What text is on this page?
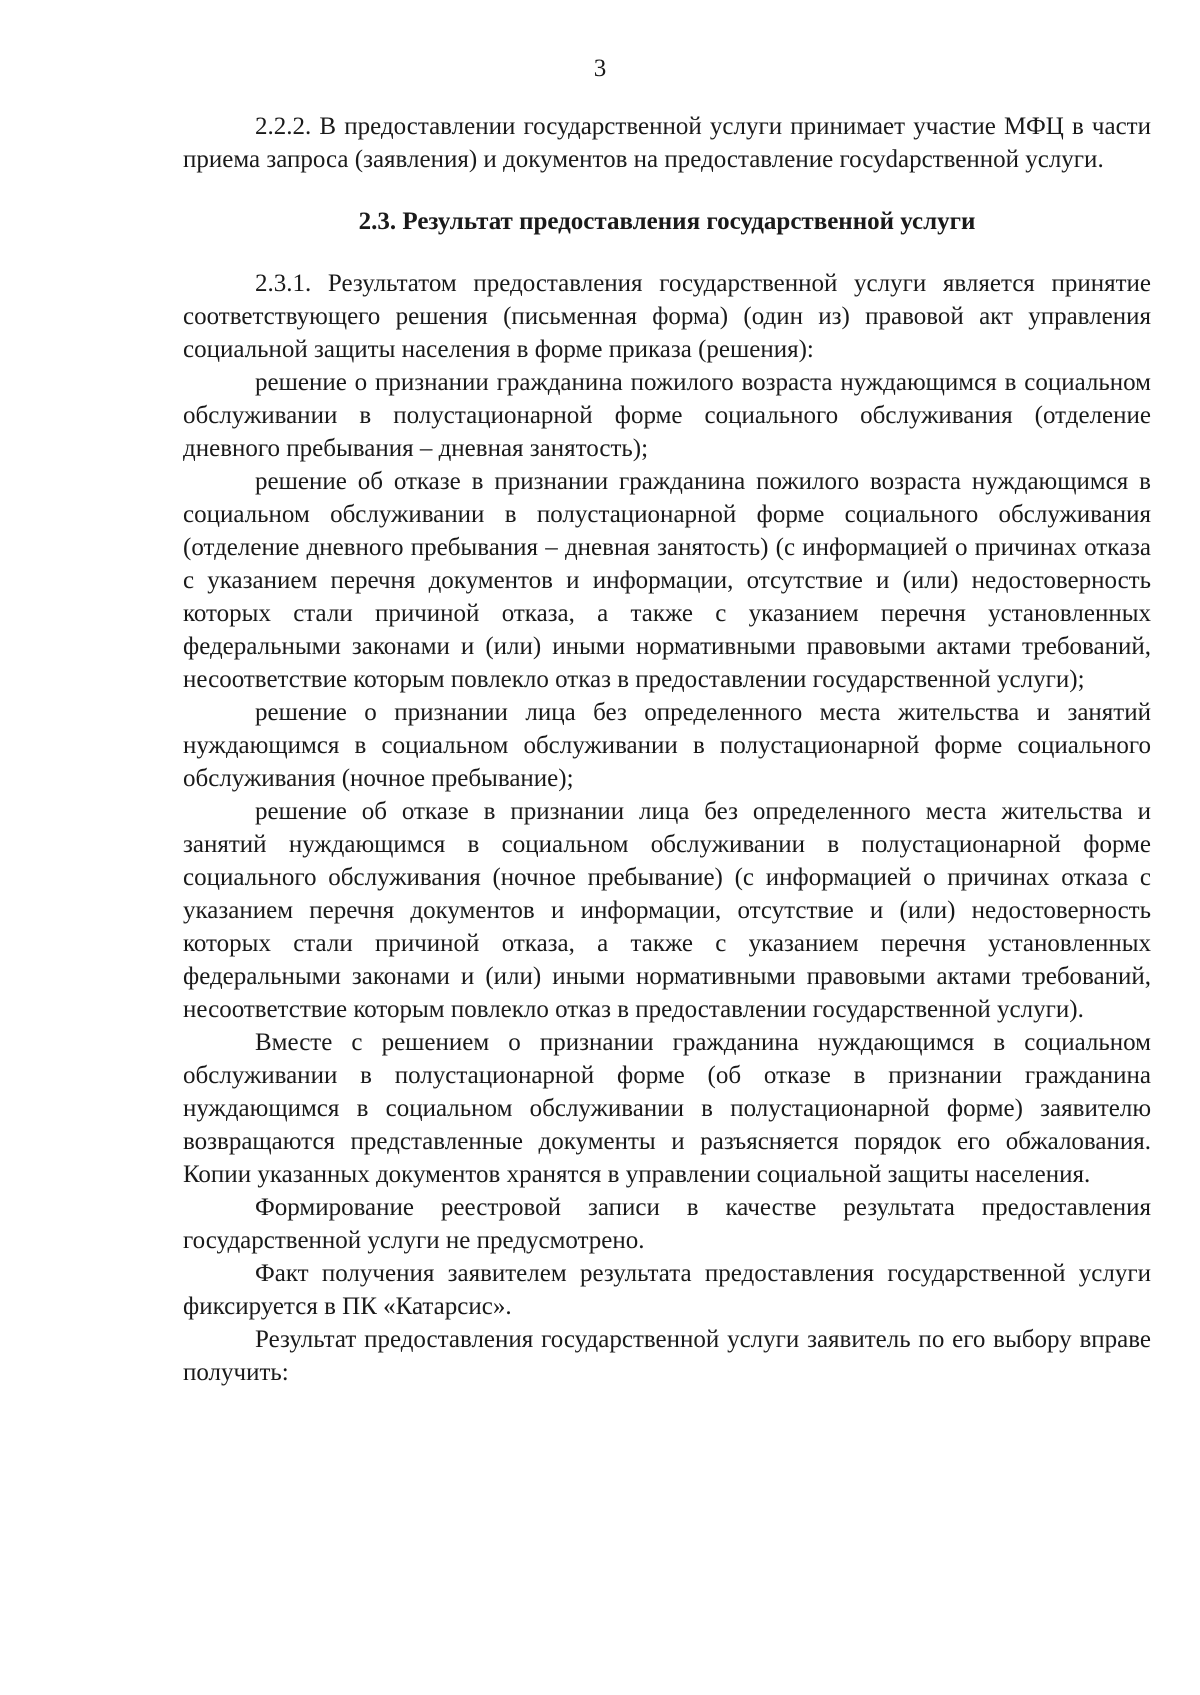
3

2.2.2. В предоставлении государственной услуги принимает участие МФЦ в части приема запроса (заявления) и документов на предоставление госуdарственной услуги.

2.3. Результат предоставления государственной услуги

2.3.1. Результатом предоставления государственной услуги является принятие соответствующего решения (письменная форма) (один из) правовой акт управления социальной защиты населения в форме приказа (решения):

решение о признании гражданина пожилого возраста нуждающимся в социальном обслуживании в полустационарной форме социального обслуживания (отделение дневного пребывания – дневная занятость);

решение об отказе в признании гражданина пожилого возраста нуждающимся в социальном обслуживании в полустационарной форме социального обслуживания (отделение дневного пребывания – дневная занятость) (с информацией о причинах отказа с указанием перечня документов и информации, отсутствие и (или) недостоверность которых стали причиной отказа, а также с указанием перечня установленных федеральными законами и (или) иными нормативными правовыми актами требований, несоответствие которым повлекло отказ в предоставлении государственной услуги);

решение о признании лица без определенного места жительства и занятий нуждающимся в социальном обслуживании в полустационарной форме социального обслуживания (ночное пребывание);

решение об отказе в признании лица без определенного места жительства и занятий нуждающимся в социальном обслуживании в полустационарной форме социального обслуживания (ночное пребывание) (с информацией о причинах отказа с указанием перечня документов и информации, отсутствие и (или) недостоверность которых стали причиной отказа, а также с указанием перечня установленных федеральными законами и (или) иными нормативными правовыми актами требований, несоответствие которым повлекло отказ в предоставлении государственной услуги).

Вместе с решением о признании гражданина нуждающимся в социальном обслуживании в полустационарной форме (об отказе в признании гражданина нуждающимся в социальном обслуживании в полустационарной форме) заявителю возвращаются представленные документы и разъясняется порядок его обжалования. Копии указанных документов хранятся в управлении социальной защиты населения.

Формирование реестровой записи в качестве результата предоставления государственной услуги не предусмотрено.

Факт получения заявителем результата предоставления государственной услуги фиксируется в ПК «Катарсис».

Результат предоставления государственной услуги заявитель по его выбору вправе получить:
